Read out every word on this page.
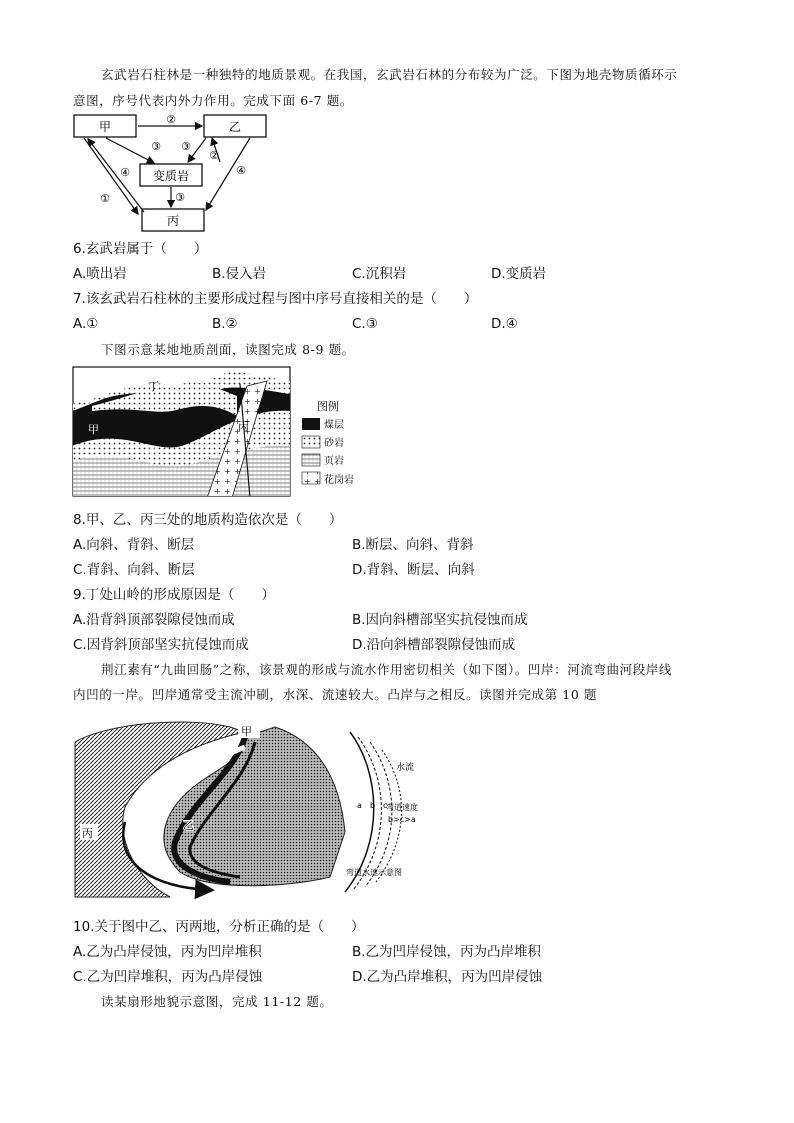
玄武岩石柱林是一种独特的地质景观。在我国，玄武岩石林的分布较为广泛。下图为地壳物质循环示
意图，序号代表内外力作用。完成下面 6-7 题。
甲	乙
变质岩
丙
②
③ ③
②
④	④
③
①
6.玄武岩属于（　　）
A.喷出岩	B.侵入岩	C.沉积岩	D.变质岩
7.该玄武岩石柱林的主要形成过程与图中序号直接相关的是（　　）
A.①	B.②	C.③	D.④
下图示意某地地质剖面，读图完成 8-9 题。
丁
甲
乙
丙
图例
煤层
砂岩
页岩
花岗岩
8.甲、乙、丙三处的地质构造依次是（　　）
A.向斜、背斜、断层	B.断层、向斜、背斜
C.背斜、向斜、断层	D.背斜、断层、向斜
9.丁处山岭的形成原因是（　　）
A.沿背斜顶部裂隙侵蚀而成	B.因向斜槽部坚实抗侵蚀而成
C.因背斜顶部坚实抗侵蚀而成	D.沿向斜槽部裂隙侵蚀而成
荆江素有“九曲回肠”之称，该景观的形成与流水作用密切相关（如下图）。凹岸：河流弯曲河段岸线
内凹的一岸。凹岸通常受主流冲刷，水深、流速较大。凸岸与之相反。读图并完成第 10 题
甲
丙
乙
a b c
水流
弯道速度
b>c>a
弯道水速示意图
10.关于图中乙、丙两地，分析正确的是（　　）
A.乙为凸岸侵蚀，丙为凹岸堆积	B.乙为凹岸侵蚀，丙为凸岸堆积
C.乙为凹岸堆积，丙为凸岸侵蚀	D.乙为凸岸堆积，丙为凹岸侵蚀
读某扇形地貌示意图，完成 11-12 题。
